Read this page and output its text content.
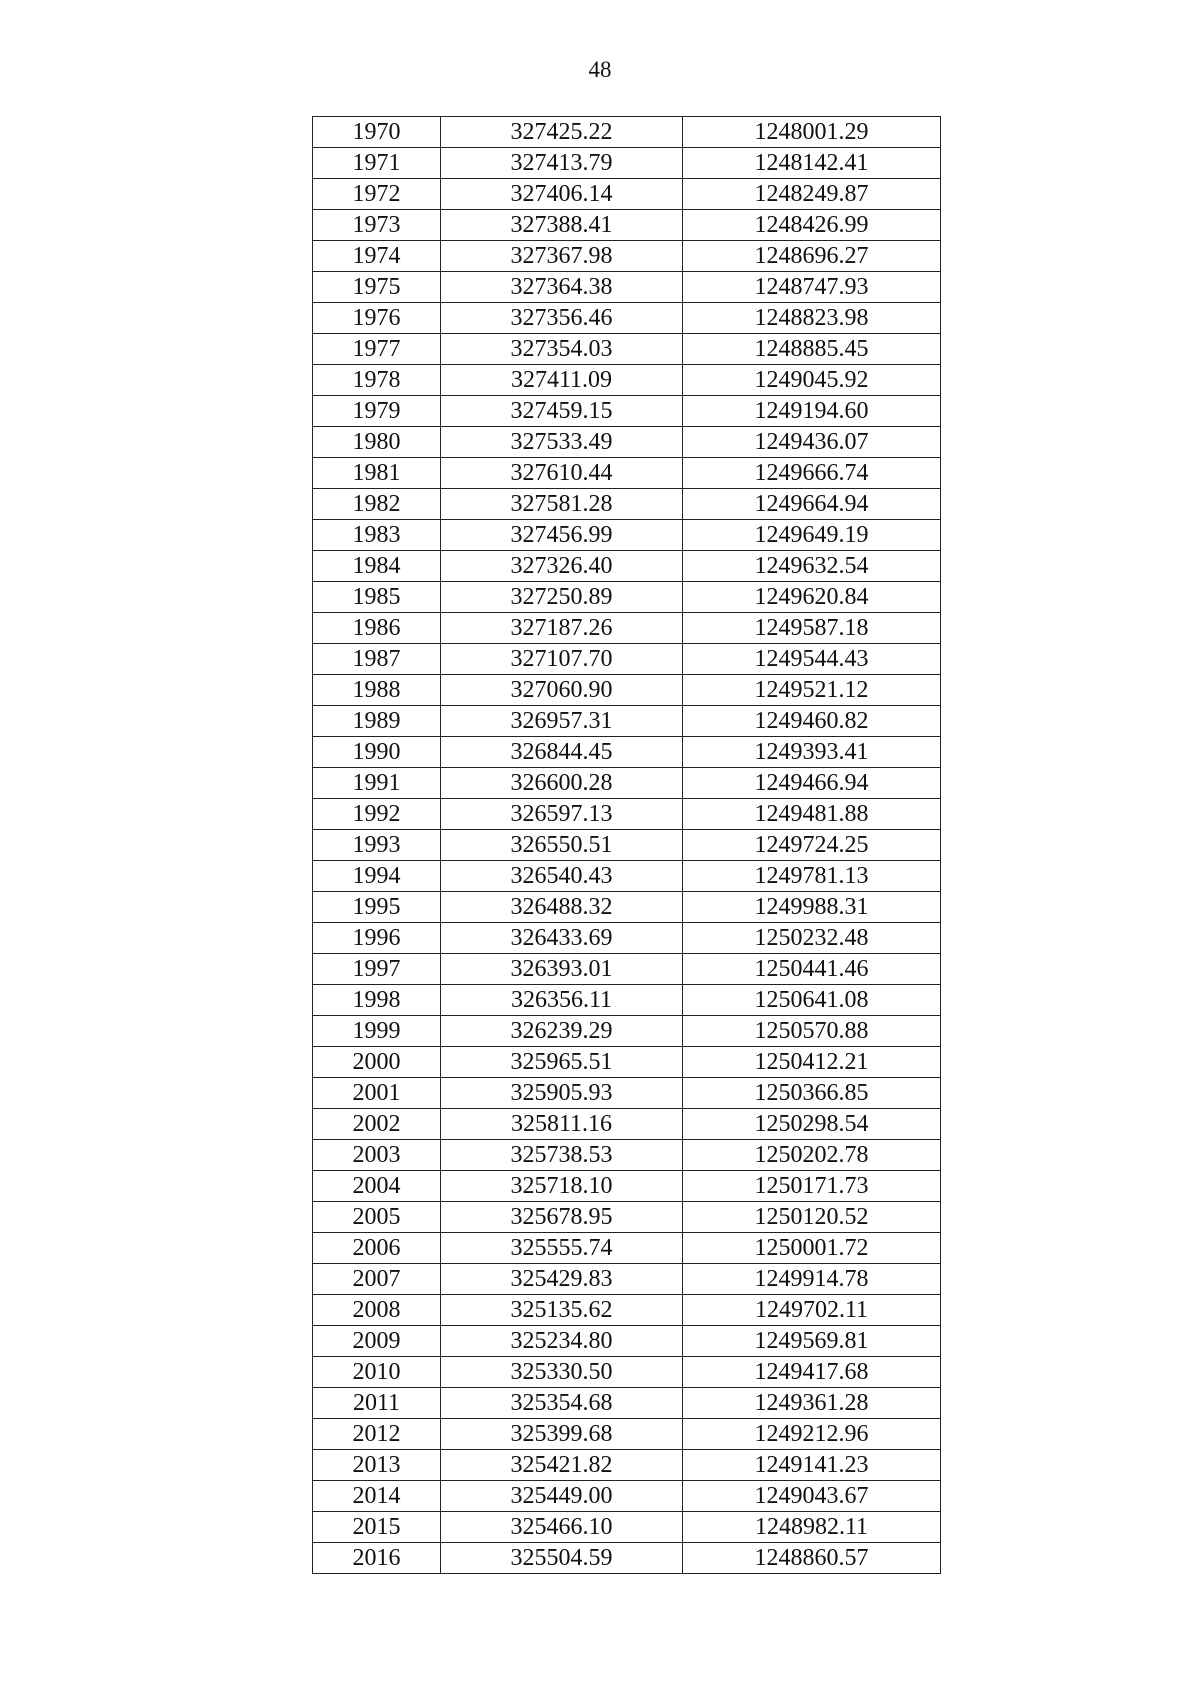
48
1970	327425.22	1248001.29
1971	327413.79	1248142.41
1972	327406.14	1248249.87
1973	327388.41	1248426.99
1974	327367.98	1248696.27
1975	327364.38	1248747.93
1976	327356.46	1248823.98
1977	327354.03	1248885.45
1978	327411.09	1249045.92
1979	327459.15	1249194.60
1980	327533.49	1249436.07
1981	327610.44	1249666.74
1982	327581.28	1249664.94
1983	327456.99	1249649.19
1984	327326.40	1249632.54
1985	327250.89	1249620.84
1986	327187.26	1249587.18
1987	327107.70	1249544.43
1988	327060.90	1249521.12
1989	326957.31	1249460.82
1990	326844.45	1249393.41
1991	326600.28	1249466.94
1992	326597.13	1249481.88
1993	326550.51	1249724.25
1994	326540.43	1249781.13
1995	326488.32	1249988.31
1996	326433.69	1250232.48
1997	326393.01	1250441.46
1998	326356.11	1250641.08
1999	326239.29	1250570.88
2000	325965.51	1250412.21
2001	325905.93	1250366.85
2002	325811.16	1250298.54
2003	325738.53	1250202.78
2004	325718.10	1250171.73
2005	325678.95	1250120.52
2006	325555.74	1250001.72
2007	325429.83	1249914.78
2008	325135.62	1249702.11
2009	325234.80	1249569.81
2010	325330.50	1249417.68
2011	325354.68	1249361.28
2012	325399.68	1249212.96
2013	325421.82	1249141.23
2014	325449.00	1249043.67
2015	325466.10	1248982.11
2016	325504.59	1248860.57
